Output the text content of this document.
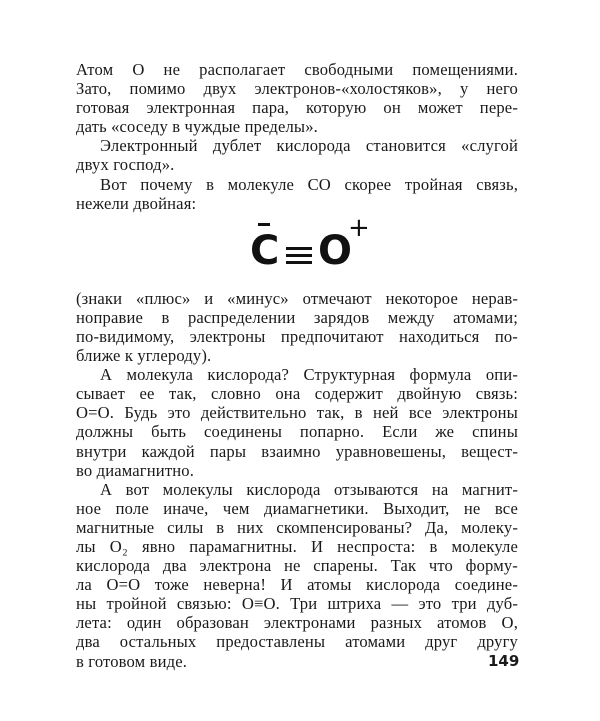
Атом О не располагает свободными помещениями.
Зато, помимо двух электронов-«холостяков», у него
готовая электронная пара, которую он может пере-
дать «соседу в чуждые пределы».
Электронный дублет кислорода становится «слугой
двух господ».
Вот почему в молекуле СО скорее тройная связь,
нежели двойная:
C O
+
(знаки «плюс» и «минус» отмечают некоторое нерав-
ноправие в распределении зарядов между атомами;
по-видимому, электроны предпочитают находиться по-
ближе к углероду).
А молекула кислорода? Структурная формула опи-
сывает ее так, словно она содержит двойную связь:
О=О. Будь это действительно так, в ней все электроны
должны быть соединены попарно. Если же спины
внутри каждой пары взаимно уравновешены, вещест-
во диамагнитно.
А вот молекулы кислорода отзываются на магнит-
ное поле иначе, чем диамагнетики. Выходит, не все
магнитные силы в них скомпенсированы? Да, молеку-
лы O₂ явно парамагнитны. И неспроста: в молекуле
кислорода два электрона не спарены. Так что форму-
ла О=О тоже неверна! И атомы кислорода соедине-
ны тройной связью: О≡О. Три штриха — это три дуб-
лета: один образован электронами разных атомов О,
два остальных предоставлены атомами друг другу
в готовом виде.	149
